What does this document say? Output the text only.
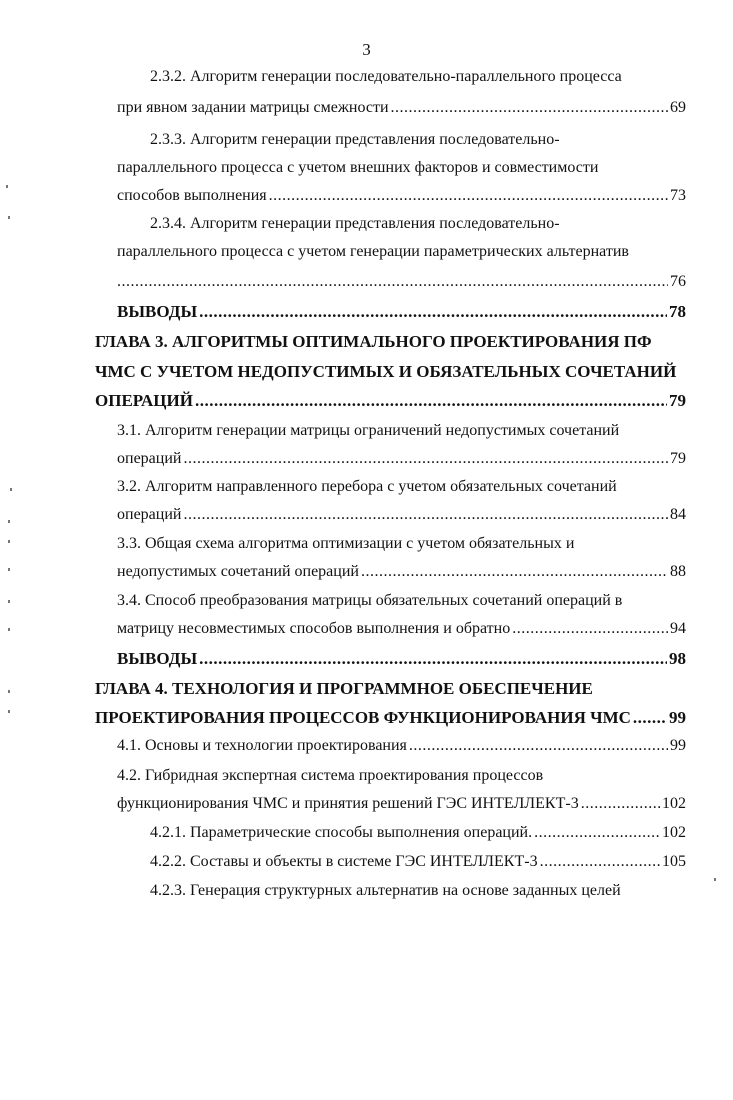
3
2.3.2. Алгоритм генерации последовательно-параллельного процесса
при явном задании матрицы смежности .....	69
2.3.3. Алгоритм генерации представления последовательно-
параллельного процесса с учетом внешних факторов и совместимости
способов выполнения .....	73
2.3.4. Алгоритм генерации представления последовательно-
параллельного процесса с учетом генерации параметрических альтернатив
.....
76
ВЫВОДЫ .....	78
ГЛАВА 3. АЛГОРИТМЫ ОПТИМАЛЬНОГО ПРОЕКТИРОВАНИЯ ПФ
ЧМС С УЧЕТОМ НЕДОПУСТИМЫХ И ОБЯЗАТЕЛЬНЫХ СОЧЕТАНИЙ
ОПЕРАЦИЙ .....	79
3.1. Алгоритм генерации матрицы ограничений недопустимых сочетаний
операций .....	79
3.2. Алгоритм направленного перебора с учетом обязательных сочетаний
операций .....	84
3.3. Общая схема алгоритма оптимизации с учетом обязательных и
недопустимых сочетаний операций .....	88
3.4. Способ преобразования матрицы обязательных сочетаний операций в
матрицу несовместимых способов выполнения и обратно .....	94
ВЫВОДЫ .....	98
ГЛАВА 4. ТЕХНОЛОГИЯ И ПРОГРАММНОЕ ОБЕСПЕЧЕНИЕ
ПРОЕКТИРОВАНИЯ ПРОЦЕССОВ ФУНКЦИОНИРОВАНИЯ ЧМС ..... 99
4.1. Основы и технологии проектирования .....	99
4.2. Гибридная экспертная система проектирования процессов
функционирования ЧМС и принятия решений ГЭС ИНТЕЛЛЕКТ-3 .....	102
4.2.1. Параметрические способы выполнения операций. .....	102
4.2.2. Составы и объекты в системе ГЭС ИНТЕЛЛЕКТ-3 .....	105
4.2.3. Генерация структурных альтернатив на основе заданных целей
